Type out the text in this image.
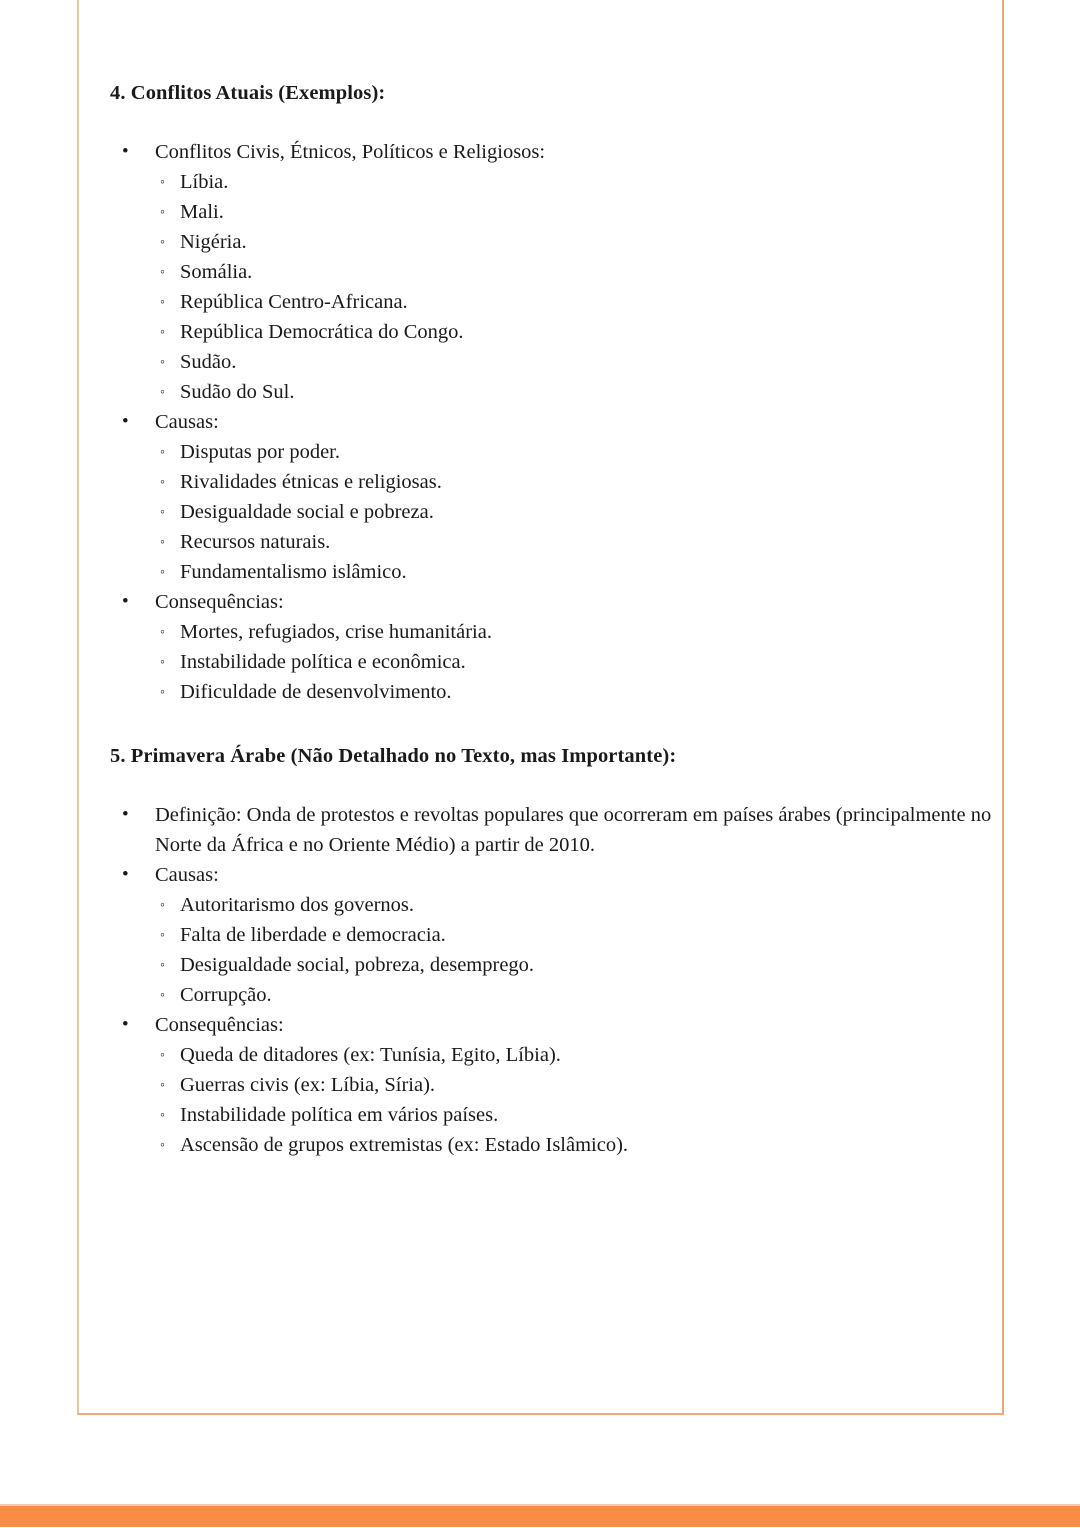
4. Conflitos Atuais (Exemplos):
•	Conflitos Civis, Étnicos, Políticos e Religiosos:
◦ Líbia.
◦ Mali.
◦ Nigéria.
◦ Somália.
◦ República Centro-Africana.
◦ República Democrática do Congo.
◦ Sudão.
◦ Sudão do Sul.
•	Causas:
◦ Disputas por poder.
◦ Rivalidades étnicas e religiosas.
◦ Desigualdade social e pobreza.
◦ Recursos naturais.
◦ Fundamentalismo islâmico.
•	Consequências:
◦ Mortes, refugiados, crise humanitária.
◦ Instabilidade política e econômica.
◦ Dificuldade de desenvolvimento.
5. Primavera Árabe (Não Detalhado no Texto, mas Importante):
•	Definição: Onda de protestos e revoltas populares que ocorreram em países árabes (principalmente no Norte da África e no Oriente Médio) a partir de 2010.
•	Causas:
◦ Autoritarismo dos governos.
◦ Falta de liberdade e democracia.
◦ Desigualdade social, pobreza, desemprego.
◦ Corrupção.
•	Consequências:
◦ Queda de ditadores (ex: Tunísia, Egito, Líbia).
◦ Guerras civis (ex: Líbia, Síria).
◦ Instabilidade política em vários países.
◦ Ascensão de grupos extremistas (ex: Estado Islâmico).
